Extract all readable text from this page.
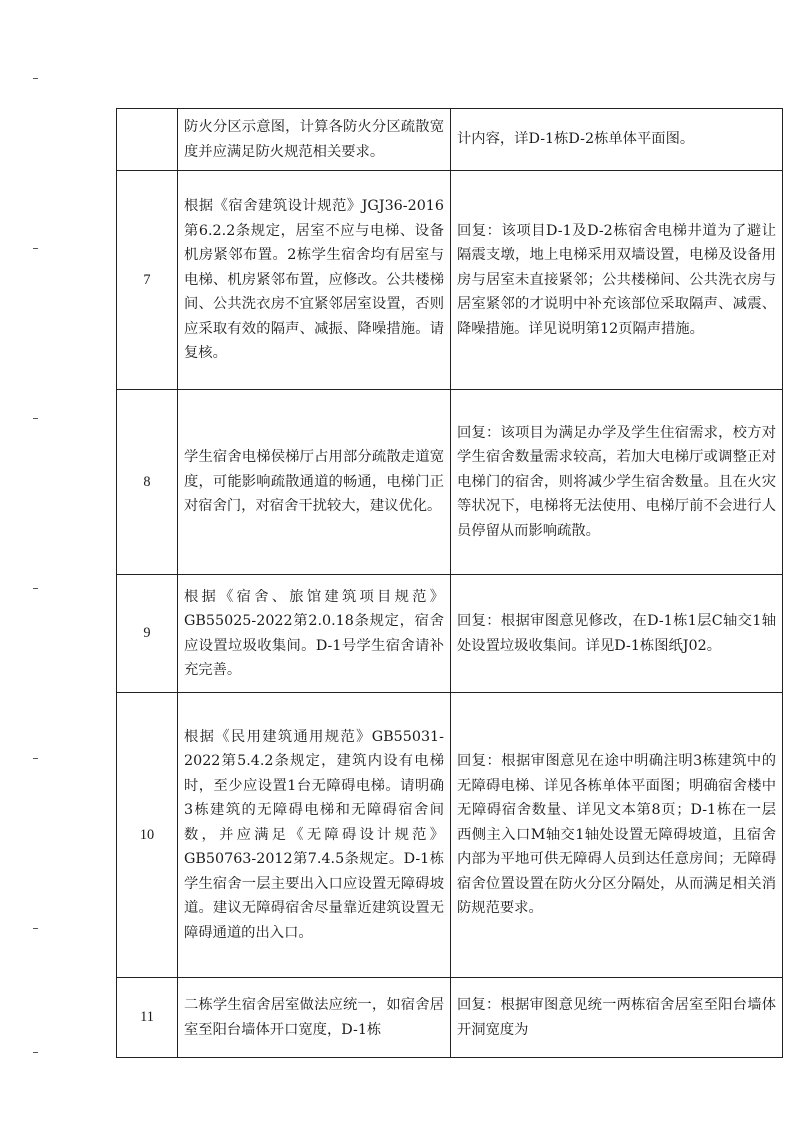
	防火分区示意图，计算各防火分区疏散宽度并应满足防火规范相关要求。	计内容，详D-1栋D-2栋单体平面图。
7	根据《宿舍建筑设计规范》JGJ36-2016第6.2.2条规定，居室不应与电梯、设备机房紧邻布置。2栋学生宿舍均有居室与电梯、机房紧邻布置，应修改。公共楼梯间、公共洗衣房不宜紧邻居室设置，否则应采取有效的隔声、减振、降噪措施。请复核。	回复：该项目D-1及D-2栋宿舍电梯井道为了避让隔震支墩，地上电梯采用双墙设置，电梯及设备用房与居室未直接紧邻；公共楼梯间、公共洗衣房与居室紧邻的才说明中补充该部位采取隔声、减震、降噪措施。详见说明第12页隔声措施。
8	学生宿舍电梯侯梯厅占用部分疏散走道宽度，可能影响疏散通道的畅通，电梯门正对宿舍门，对宿舍干扰较大，建议优化。	回复：该项目为满足办学及学生住宿需求，校方对学生宿舍数量需求较高，若加大电梯厅或调整正对电梯门的宿舍，则将减少学生宿舍数量。且在火灾等状况下，电梯将无法使用、电梯厅前不会进行人员停留从而影响疏散。
9	根据《宿舍、旅馆建筑项目规范》GB55025-2022第2.0.18条规定，宿舍应设置垃圾收集间。D-1号学生宿舍请补充完善。	回复：根据审图意见修改，在D-1栋1层C轴交1轴处设置垃圾收集间。详见D-1栋图纸J02。
10	根据《民用建筑通用规范》GB55031-2022第5.4.2条规定，建筑内设有电梯时，至少应设置1台无障碍电梯。请明确3栋建筑的无障碍电梯和无障碍宿舍间数，并应满足《无障碍设计规范》GB50763-2012第7.4.5条规定。D-1栋学生宿舍一层主要出入口应设置无障碍坡道。建议无障碍宿舍尽量靠近建筑设置无障碍通道的出入口。	回复：根据审图意见在途中明确注明3栋建筑中的无障碍电梯、详见各栋单体平面图；明确宿舍楼中无障碍宿舍数量、详见文本第8页；D-1栋在一层西侧主入口M轴交1轴处设置无障碍坡道，且宿舍内部为平地可供无障碍人员到达任意房间；无障碍宿舍位置设置在防火分区分隔处，从而满足相关消防规范要求。
11	二栋学生宿舍居室做法应统一，如宿舍居室至阳台墙体开口宽度，D-1栋	回复：根据审图意见统一两栋宿舍居室至阳台墙体开洞宽度为
